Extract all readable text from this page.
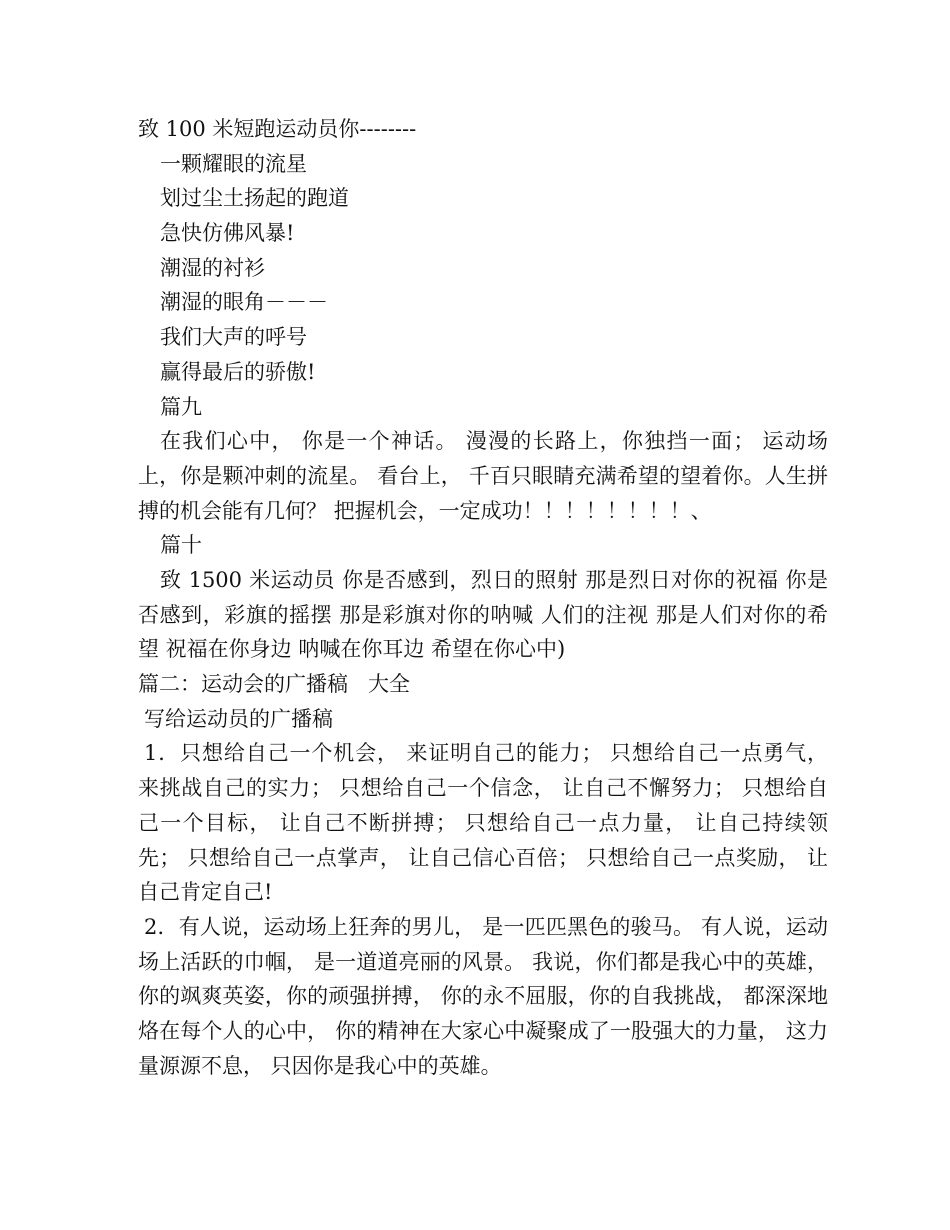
致 100 米短跑运动员你--------
一颗耀眼的流星
划过尘土扬起的跑道
急快仿佛风暴!
潮湿的衬衫
潮湿的眼角－－－
我们大声的呼号
赢得最后的骄傲!
篇九
在我们心中， 你是一个神话。 漫漫的长路上，你独挡一面； 运动场上，你是颗冲刺的流星。 看台上， 千百只眼睛充满希望的望着你。人生拼搏的机会能有几何？ 把握机会，一定成功！！！！！！！！、
篇十
致 1500 米运动员 你是否感到，烈日的照射 那是烈日对你的祝福 你是否感到，彩旗的摇摆 那是彩旗对你的呐喊 人们的注视 那是人们对你的希望 祝福在你身边 呐喊在你耳边 希望在你心中)
篇二：运动会的广播稿   大全
写给运动员的广播稿
1．只想给自己一个机会， 来证明自己的能力； 只想给自己一点勇气， 来挑战自己的实力； 只想给自己一个信念， 让自己不懈努力； 只想给自己一个目标， 让自己不断拼搏； 只想给自己一点力量， 让自己持续领先； 只想给自己一点掌声， 让自己信心百倍； 只想给自己一点奖励， 让自己肯定自己!
2．有人说，运动场上狂奔的男儿， 是一匹匹黑色的骏马。 有人说，运动场上活跃的巾帼， 是一道道亮丽的风景。 我说，你们都是我心中的英雄， 你的飒爽英姿，你的顽强拼搏， 你的永不屈服，你的自我挑战， 都深深地烙在每个人的心中， 你的精神在大家心中凝聚成了一股强大的力量， 这力量源源不息， 只因你是我心中的英雄。
